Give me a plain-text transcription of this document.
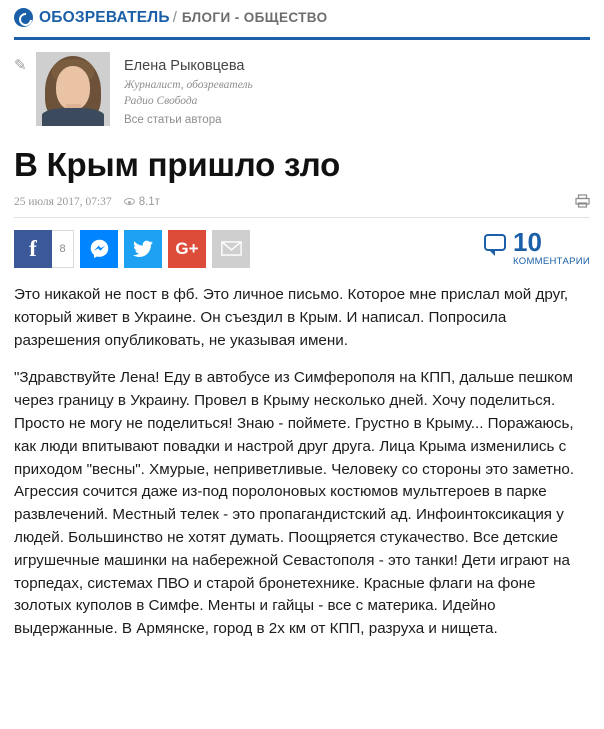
ОБОЗРЕВАТЕЛЬ / БЛОГИ - ОБЩЕСТВО
✎	Елена Рыковцева
Журналист, обозреватель
Радио Свобода
Все статьи автора
В Крым пришло зло
25 июля 2017, 07:37 8.1т
f	8	G+	10
КОММЕНТАРИИ

Это никакой не пост в фб. Это личное письмо. Которое мне прислал мой друг, который живет в Украине. Он съездил в Крым. И написал. Попросила разрешения опубликовать, не указывая имени.

"Здравствуйте Лена! Еду в автобусе из Симферополя на КПП, дальше пешком через границу в Украину. Провел в Крыму несколько дней. Хочу поделиться. Просто не могу не поделиться! Знаю - поймете. Грустно в Крыму... Поражаюсь, как люди впитывают повадки и настрой друг друга. Лица Крыма изменились с приходом "весны". Хмурые, неприветливые. Человеку со стороны это заметно. Агрессия сочится даже из-под поролоновых костюмов мультгероев в парке развлечений. Местный телек - это пропагандистский ад. Инфоинтоксикация у людей. Большинство не хотят думать. Поощряется стукачество. Все детские игрушечные машинки на набережной Севастополя - это танки! Дети играют на торпедах, системах ПВО и старой бронетехнике. Красные флаги на фоне золотых куполов в Симфе. Менты и гайцы - все с материка. Идейно выдержанные. В Армянске, город в 2х км от КПП, разруха и нищета.
